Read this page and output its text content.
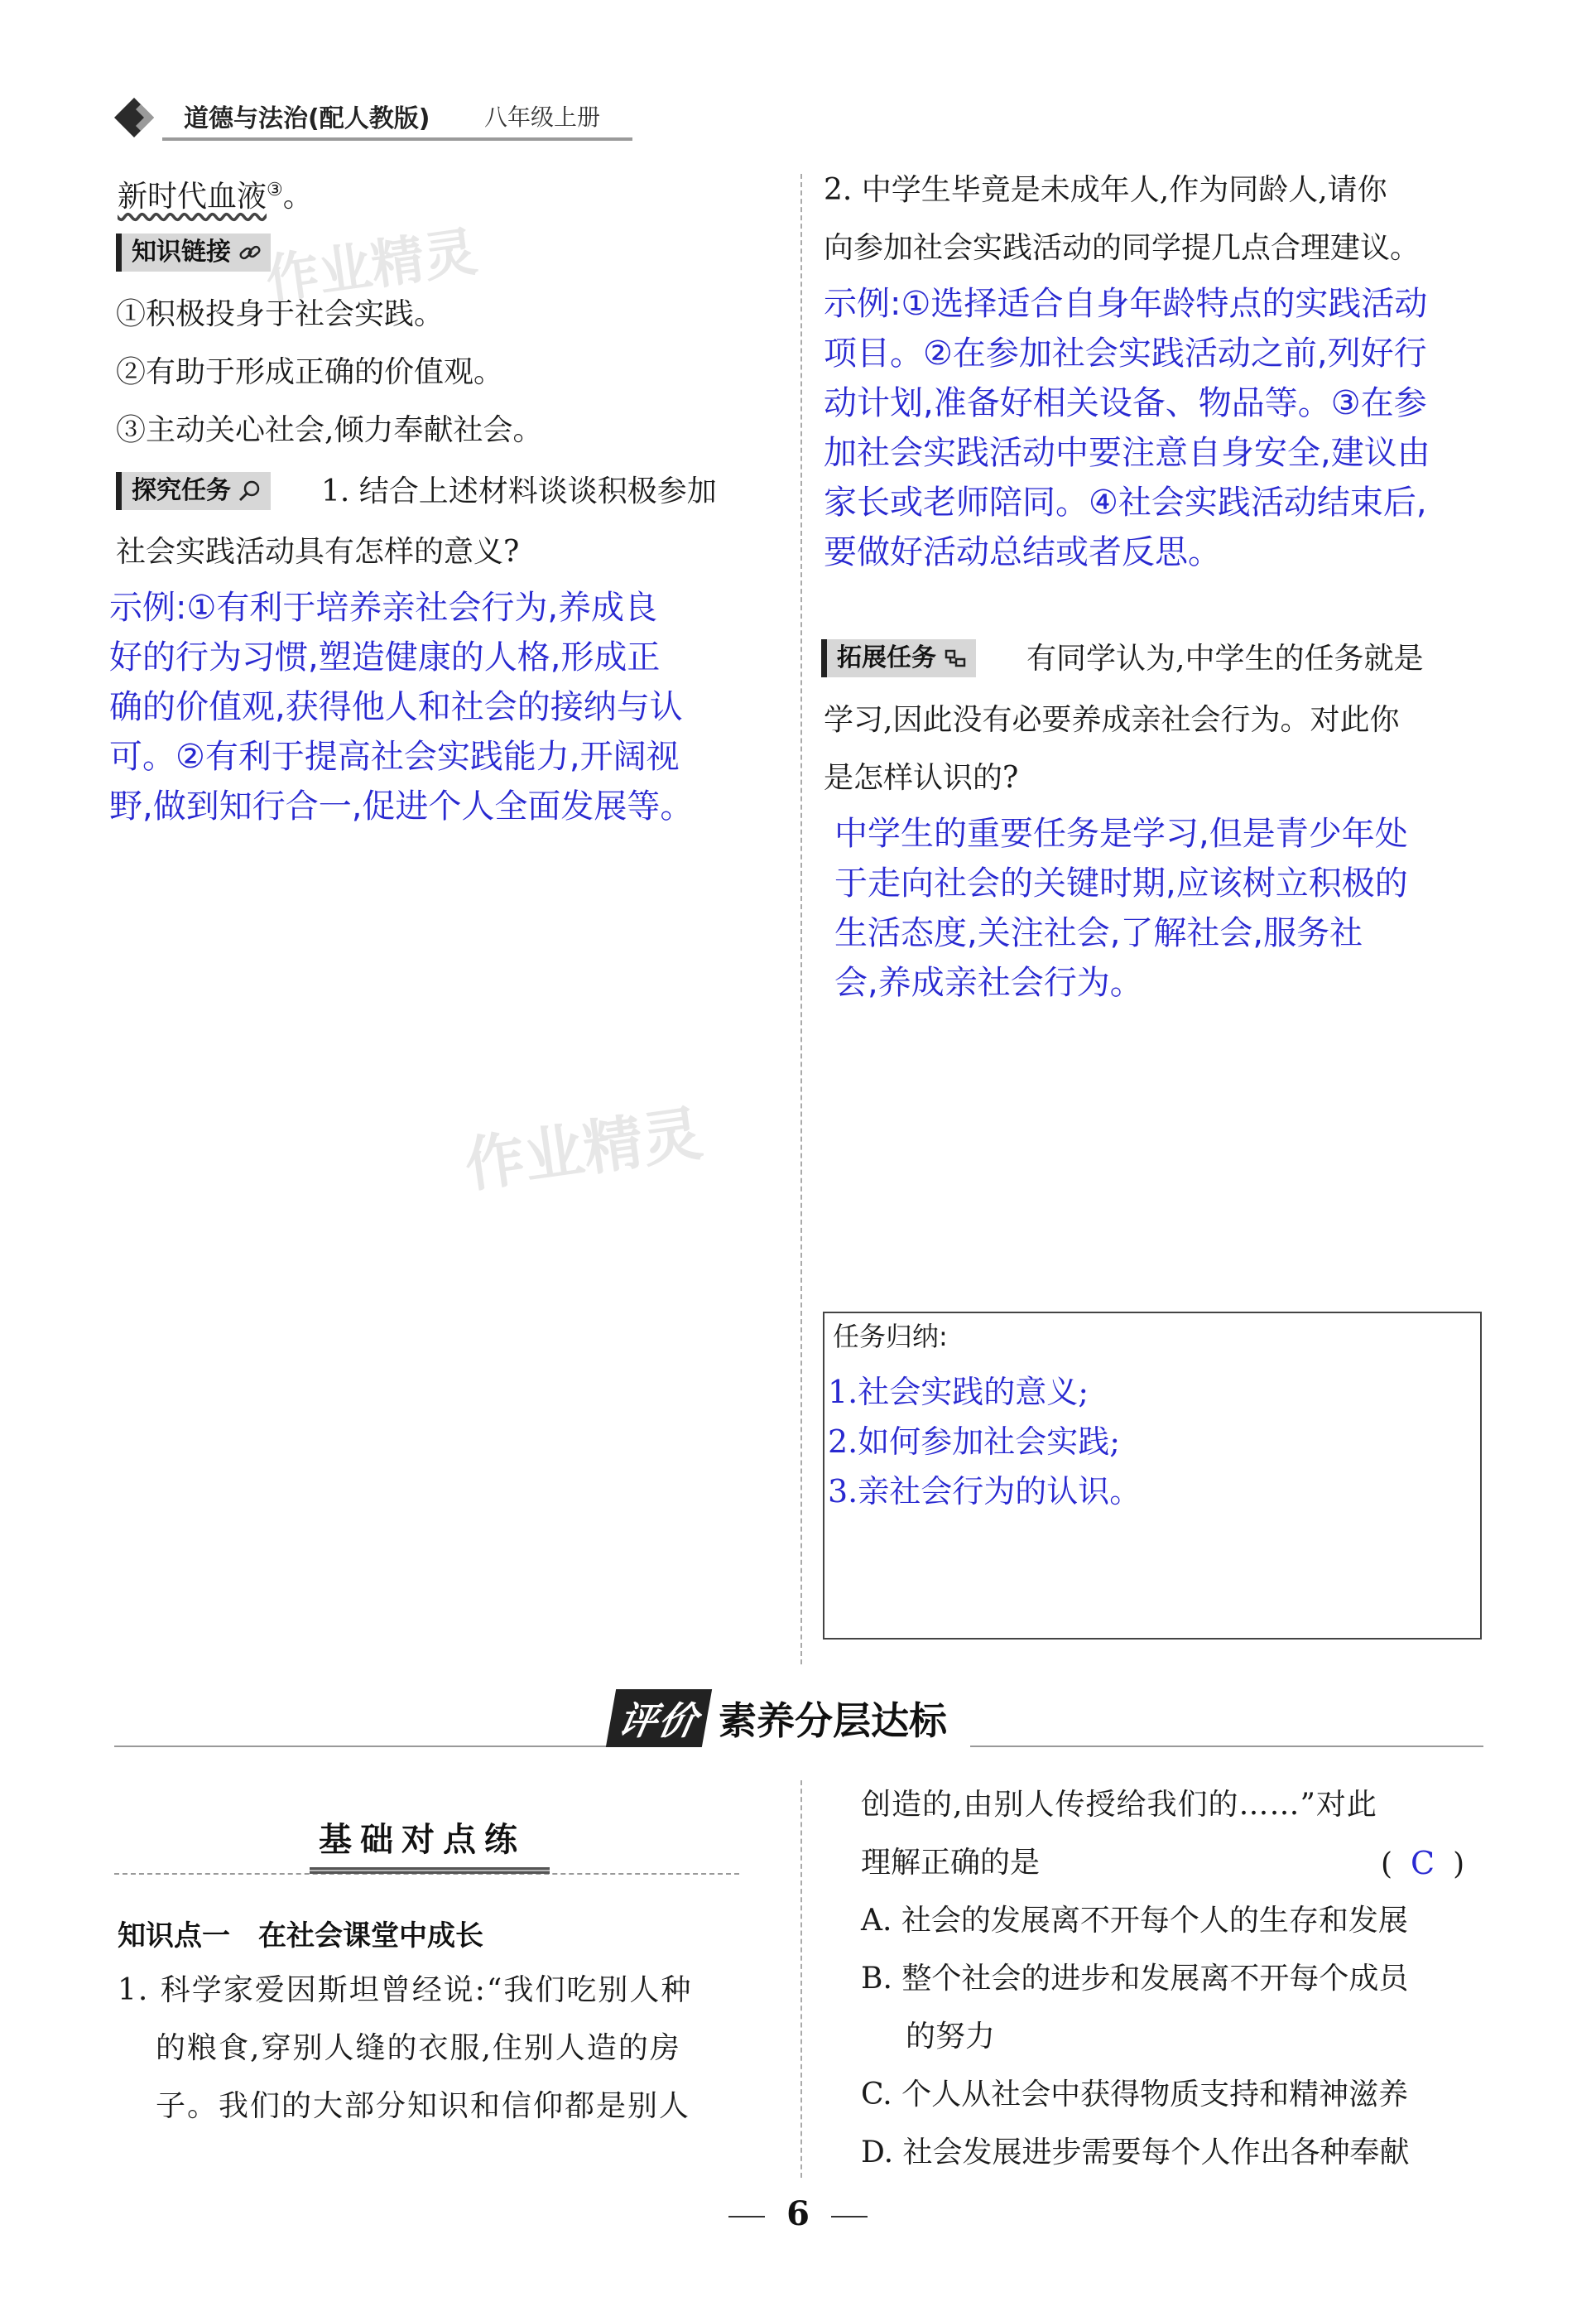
道德与法治(配人教版) 八年级上册
新时代血液③。
知识链接
①积极投身于社会实践。
②有助于形成正确的价值观。
③主动关心社会,倾力奉献社会。
探究任务	1. 结合上述材料谈谈积极参加
社会实践活动具有怎样的意义?
示例:①有利于培养亲社会行为,养成良
好的行为习惯,塑造健康的人格,形成正
确的价值观,获得他人和社会的接纳与认
可。②有利于提高社会实践能力,开阔视
野,做到知行合一,促进个人全面发展等。
2. 中学生毕竟是未成年人,作为同龄人,请你
向参加社会实践活动的同学提几点合理建议。
示例:①选择适合自身年龄特点的实践活动
项目。②在参加社会实践活动之前,列好行
动计划,准备好相关设备、物品等。③在参
加社会实践活动中要注意自身安全,建议由
家长或老师陪同。④社会实践活动结束后,
要做好活动总结或者反思。
拓展任务	有同学认为,中学生的任务就是
学习,因此没有必要养成亲社会行为。对此你
是怎样认识的?
中学生的重要任务是学习,但是青少年处
于走向社会的关键时期,应该树立积极的
生活态度,关注社会,了解社会,服务社
会,养成亲社会行为。
任务归纳:
1.社会实践的意义;
2.如何参加社会实践;
3.亲社会行为的认识。
评价 素养分层达标
基础对点练
知识点一　在社会课堂中成长
1. 科学家爱因斯坦曾经说:“我们吃别人种
的粮食,穿别人缝的衣服,住别人造的房
子。我们的大部分知识和信仰都是别人
创造的,由别人传授给我们的……”对此
理解正确的是	( C )
A. 社会的发展离不开每个人的生存和发展
B. 整个社会的进步和发展离不开每个成员
的努力
C. 个人从社会中获得物质支持和精神滋养
D. 社会发展进步需要每个人作出各种奉献
作业精灵
作业精灵
6
